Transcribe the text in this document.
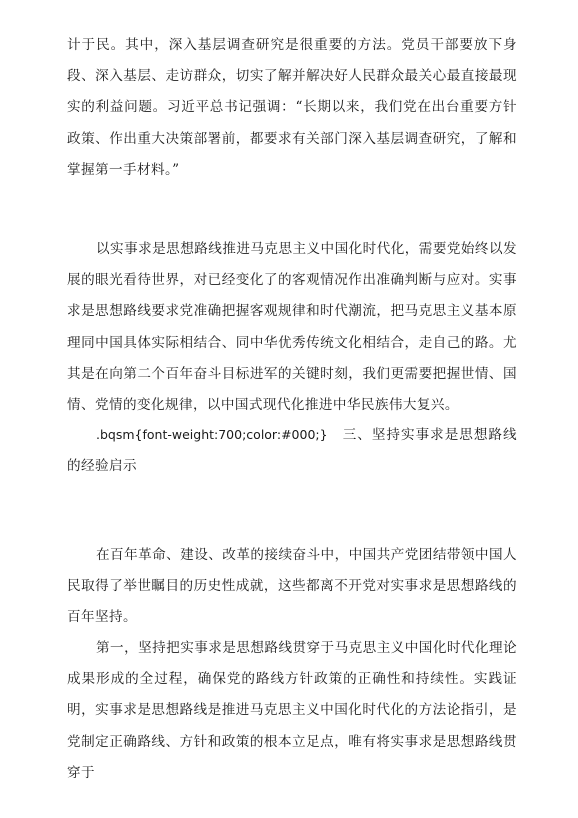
计于民。其中，深入基层调查研究是很重要的方法。党员干部要放下身段、深入基层、走访群众，切实了解并解决好人民群众最关心最直接最现实的利益问题。习近平总书记强调：“长期以来，我们党在出台重要方针政策、作出重大决策部署前，都要求有关部门深入基层调查研究，了解和掌握第一手材料。”

以实事求是思想路线推进马克思主义中国化时代化，需要党始终以发展的眼光看待世界，对已经变化了的客观情况作出准确判断与应对。实事求是思想路线要求党准确把握客观规律和时代潮流，把马克思主义基本原理同中国具体实际相结合、同中华优秀传统文化相结合，走自己的路。尤其是在向第二个百年奋斗目标进军的关键时刻，我们更需要把握世情、国情、党情的变化规律，以中国式现代化推进中华民族伟大复兴。

.bqsm{font-weight:700;color:#000;}　三、坚持实事求是思想路线的经验启示

在百年革命、建设、改革的接续奋斗中，中国共产党团结带领中国人民取得了举世瞩目的历史性成就，这些都离不开党对实事求是思想路线的百年坚持。

第一，坚持把实事求是思想路线贯穿于马克思主义中国化时代化理论成果形成的全过程，确保党的路线方针政策的正确性和持续性。实践证明，实事求是思想路线是推进马克思主义中国化时代化的方法论指引，是党制定正确路线、方针和政策的根本立足点，唯有将实事求是思想路线贯穿于
